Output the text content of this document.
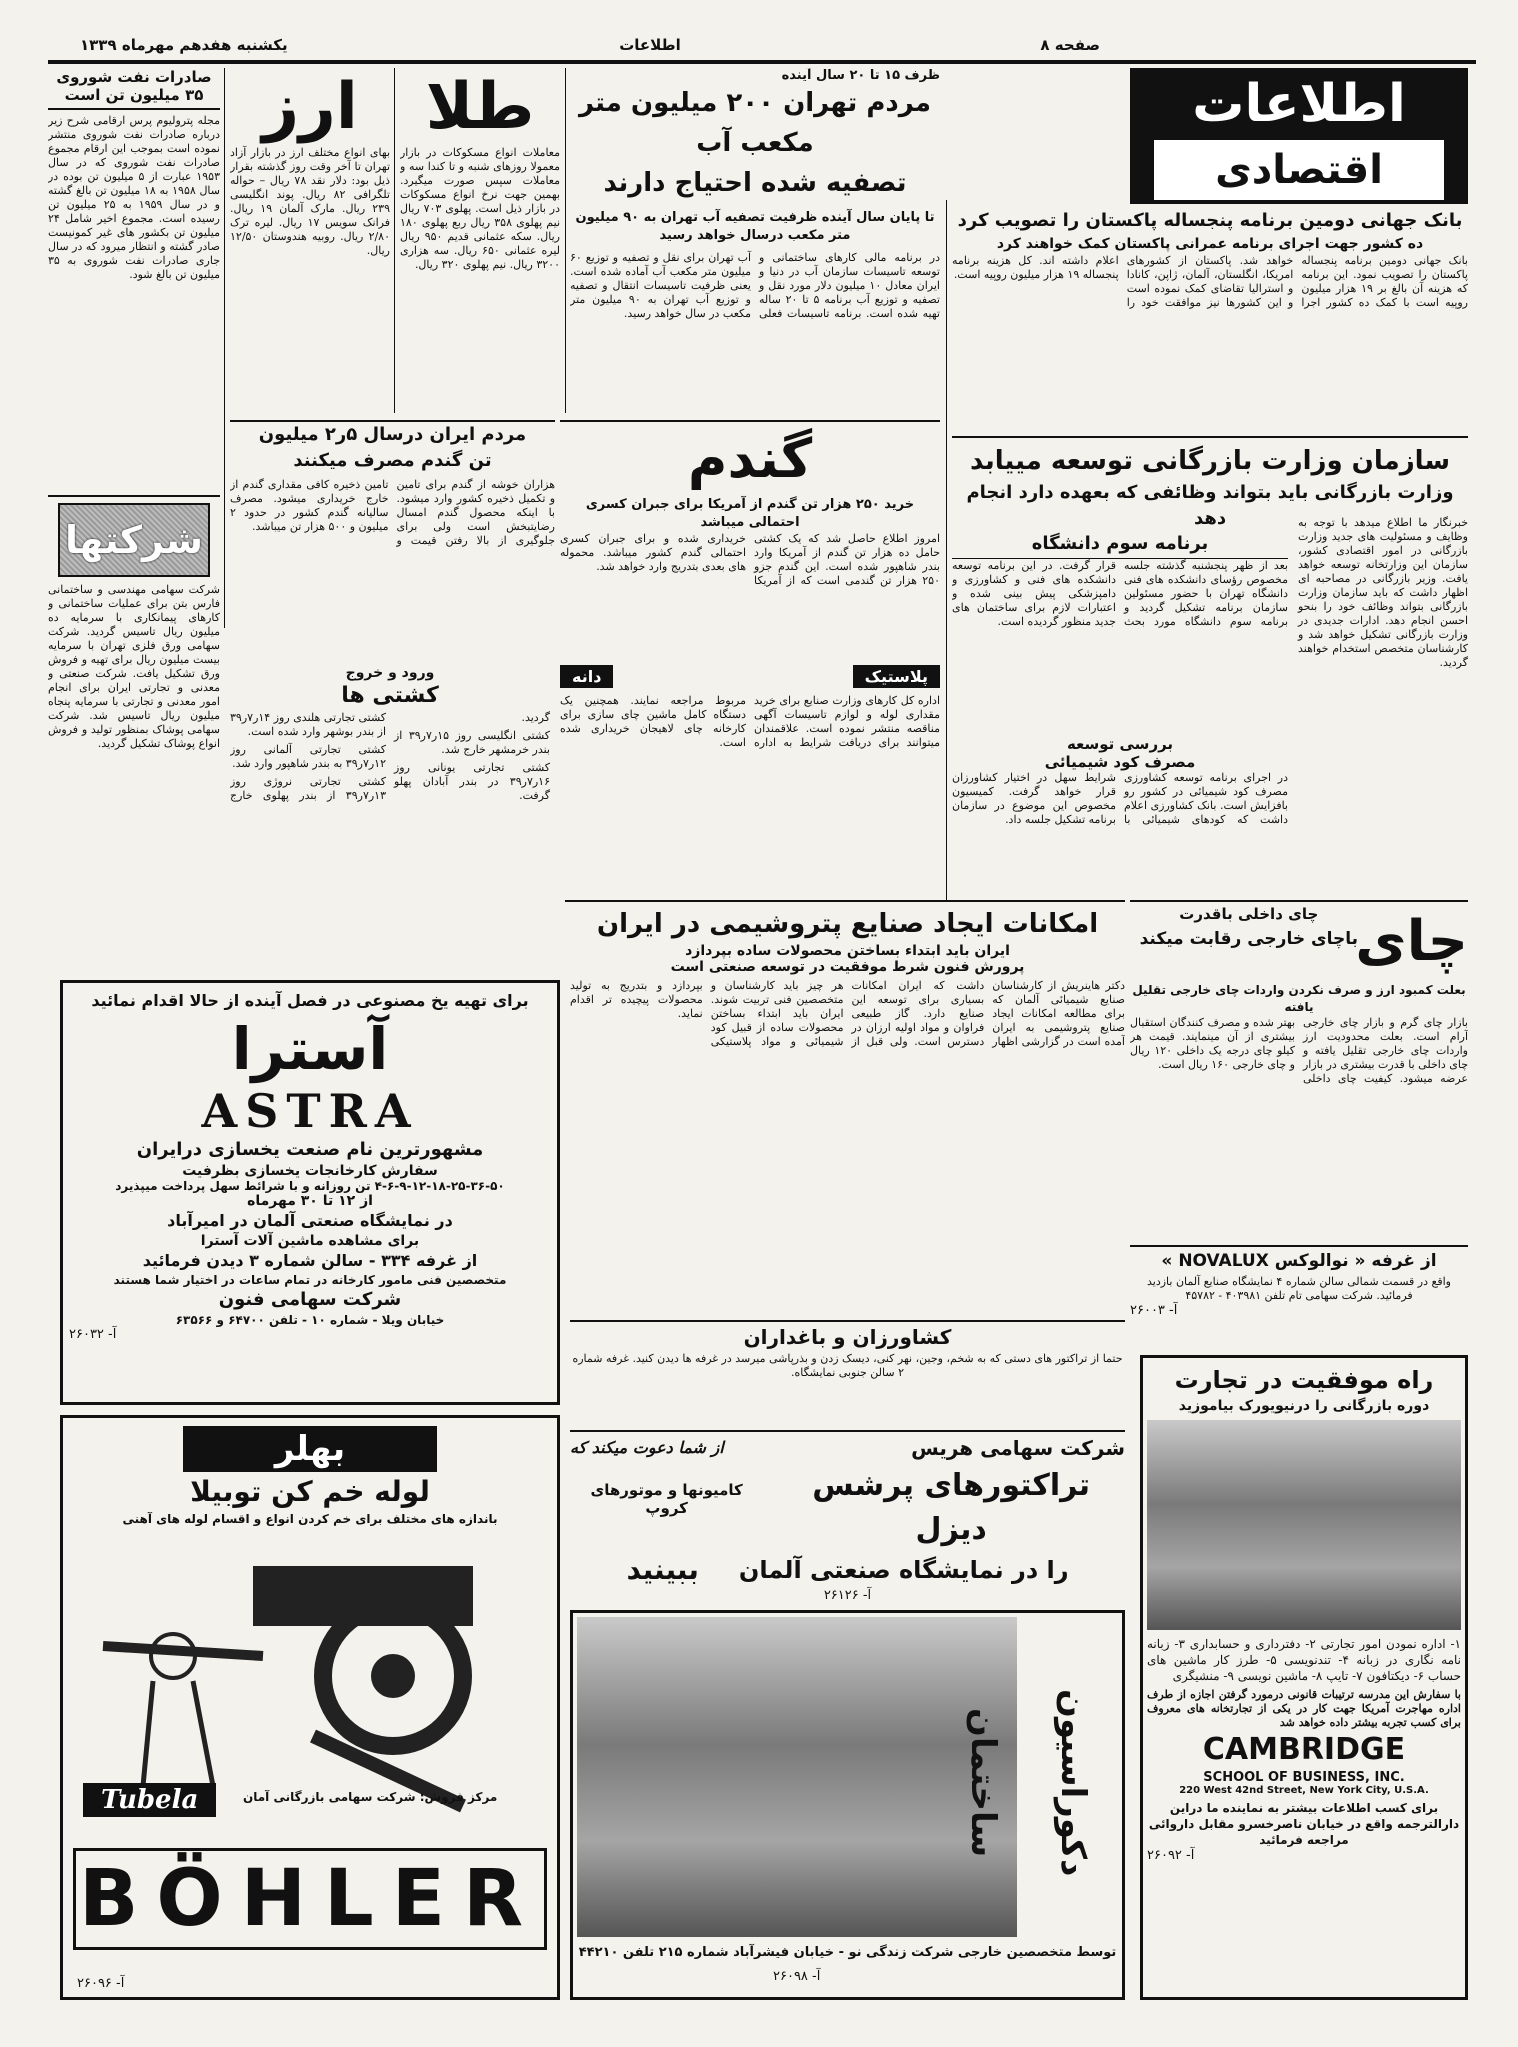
صفحه ۸
اطلاعات
یکشنبه هفدهم مهرماه ۱۳۳۹
اطلاعات
اقتصادی
صادرات نفت شوروی
۳۵ میلیون تن است
مجله پترولیوم پرس ارقامی شرح زیر درباره صادرات نفت شوروی منتشر نموده است بموجب این ارقام مجموع صادرات نفت شوروی که در سال ۱۹۵۳ عبارت از ۵ میلیون تن بوده در سال ۱۹۵۸ به ۱۸ میلیون تن بالغ گشته و در سال ۱۹۵۹ به ۲۵ میلیون تن رسیده است. مجموع اخیر شامل ۲۴ میلیون تن بکشور های غیر کمونیست صادر گشته و انتظار میرود که در سال جاری صادرات نفت شوروی به ۳۵ میلیون تن بالغ شود.
ارز
بهای انواع مختلف ارز در بازار آزاد تهران تا آخر وقت روز گذشته بقرار ذیل بود: دلار نقد ۷۸ ریال – حواله تلگرافی ۸۲ ریال. پوند انگلیسی ۲۳۹ ریال. مارک آلمان ۱۹ ریال. فرانک سویس ۱۷ ریال. لیره ترک ۲/۸۰ ریال. روبیه هندوستان ۱۲/۵۰ ریال.
طلا
معاملات انواع مسکوکات در بازار معمولا روزهای شنبه و تا کندا سه و معاملات سپس صورت میگیرد. بهمین جهت نرخ انواع مسکوکات در بازار ذیل است. پهلوی ۷۰۳ ریال نیم پهلوی ۳۵۸ ریال ربع پهلوی ۱۸۰ ریال. سکه عثمانی قدیم ۹۵۰ ریال لیره عثمانی ۶۵۰ ریال. سه هزاری ۳۲۰۰ ریال. نیم پهلوی ۳۲۰ ریال.
ظرف ۱۵ تا ۲۰ سال آینده
مردم تهران ۲۰۰ میلیون متر مکعب آب
تصفیه شده احتیاج دارند
تا پایان سال آینده ظرفیت تصفیه آب تهران به ۹۰ میلیون متر مکعب درسال خواهد رسید
در برنامه مالی کارهای ساختمانی و توسعه تاسیسات سازمان آب در دنیا و ایران معادل ۱۰ میلیون دلار مورد نقل و تصفیه و توزیع آب برنامه ۵ تا ۲۰ ساله تهیه شده است. برنامه تاسیسات فعلی آب تهران برای نقل و تصفیه و توزیع ۶۰ میلیون متر مکعب آب آماده شده است. یعنی ظرفیت تاسیسات انتقال و تصفیه و توزیع آب تهران به ۹۰ میلیون متر مکعب در سال خواهد رسید.
بانک جهانی دومین برنامه پنجساله پاکستان را تصویب کرد
ده کشور جهت اجرای برنامه عمرانی پاکستان کمک خواهند کرد
بانک جهانی دومین برنامه پنجساله پاکستان را تصویب نمود. این برنامه که هزینه آن بالغ بر ۱۹ هزار میلیون روپیه است با کمک ده کشور اجرا خواهد شد. پاکستان از کشورهای امریکا، انگلستان، آلمان، ژاپن، کانادا و استرالیا تقاضای کمک نموده است و این کشورها نیز موافقت خود را اعلام داشته اند. کل هزینه برنامه پنجساله ۱۹ هزار میلیون روپیه است.
سازمان وزارت بازرگانی توسعه مییابد
وزارت بازرگانی باید بتواند وظائفی که بعهده دارد انجام دهد	خبرنگار ما اطلاع میدهد با توجه به وظایف و مسئولیت های جدید وزارت بازرگانی در امور اقتصادی کشور، سازمان این وزارتخانه توسعه خواهد یافت. وزیر بازرگانی در مصاحبه ای اظهار داشت که باید سازمان وزارت بازرگانی بتواند وظائف خود را بنحو احسن انجام دهد. ادارات جدیدی در وزارت بازرگانی تشکیل خواهد شد و کارشناسان متخصص استخدام خواهند گردید.
برنامه سوم دانشگاه
بعد از ظهر پنجشنبه گذشته جلسه مخصوص رؤسای دانشکده های فنی دانشگاه تهران با حضور مسئولین سازمان برنامه تشکیل گردید و برنامه سوم دانشگاه مورد بحث قرار گرفت. در این برنامه توسعه دانشکده های فنی و کشاورزی و دامپزشکی پیش بینی شده و اعتبارات لازم برای ساختمان های جدید منظور گردیده است.
بررسی توسعه
مصرف کود شیمیائی
در اجرای برنامه توسعه کشاورزی مصرف کود شیمیائی در کشور رو بافزایش است. بانک کشاورزی اعلام داشت که کودهای شیمیائی با شرایط سهل در اختیار کشاورزان قرار خواهد گرفت. کمیسیون مخصوص این موضوع در سازمان برنامه تشکیل جلسه داد.
مردم ایران درسال ۵ر۲ میلیون
تن گندم مصرف میکنند
هزاران خوشه از گندم برای تامین و تکمیل ذخیره کشور وارد میشود. با اینکه محصول گندم امسال رضایتبخش است ولی برای جلوگیری از بالا رفتن قیمت و تامین ذخیره کافی مقداری گندم از خارج خریداری میشود. مصرف سالیانه گندم کشور در حدود ۲ میلیون و ۵۰۰ هزار تن میباشد.
گندم
خرید ۲۵۰ هزار تن گندم از آمریکا برای جبران کسری احتمالی میباشد
امروز اطلاع حاصل شد که یک کشتی حامل ده هزار تن گندم از آمریکا وارد بندر شاهپور شده است. این گندم جزو ۲۵۰ هزار تن گندمی است که از آمریکا خریداری شده و برای جبران کسری احتمالی گندم کشور میباشد. محموله های بعدی بتدریج وارد خواهد شد.
شرکتها
شرکت سهامی مهندسی و ساختمانی فارس بتن برای عملیات ساختمانی و کارهای پیمانکاری با سرمایه ده میلیون ریال تاسیس گردید. شرکت سهامی ورق فلزی تهران با سرمایه بیست میلیون ریال برای تهیه و فروش ورق تشکیل یافت. شرکت صنعتی و معدنی و تجارتی ایران برای انجام امور معدنی و تجارتی با سرمایه پنجاه میلیون ریال تاسیس شد. شرکت سهامی پوشاک بمنظور تولید و فروش انواع پوشاک تشکیل گردید.
ورود و خروج
کشتی ها
کشتی تجارتی هلندی روز ۱۴ر۷ر۳۹ از بندر بوشهر وارد شده است.
کشتی تجارتی آلمانی روز ۱۲ر۷ر۳۹ به بندر شاهپور وارد شد.
کشتی تجارتی نروژی روز ۱۳ر۷ر۳۹ از بندر پهلوی خارج گردید.
کشتی انگلیسی روز ۱۵ر۷ر۳۹ از بندر خرمشهر خارج شد.
کشتی تجارتی یونانی روز ۱۶ر۷ر۳۹ در بندر آبادان پهلو گرفت.
دانه	پلاستیک
اداره کل کارهای وزارت صنایع برای خرید مقداری لوله و لوازم تاسیسات آگهی مناقصه منتشر نموده است. علاقمندان میتوانند برای دریافت شرایط به اداره مربوط مراجعه نمایند. همچنین یک دستگاه کامل ماشین چای سازی برای کارخانه چای لاهیجان خریداری شده است.
امکانات ایجاد صنایع پتروشیمی در ایران
ایران باید ابتداء بساختن محصولات ساده بپردازد
پرورش فنون شرط موفقیت در توسعه صنعتی است
دکتر هاینریش از کارشناسان صنایع شیمیائی آلمان که برای مطالعه امکانات ایجاد صنایع پتروشیمی به ایران آمده است در گزارشی اظهار داشت که ایران امکانات بسیاری برای توسعه این صنایع دارد. گاز طبیعی فراوان و مواد اولیه ارزان در دسترس است. ولی قبل از هر چیز باید کارشناسان و متخصصین فنی تربیت شوند. ایران باید ابتداء بساختن محصولات ساده از قبیل کود شیمیائی و مواد پلاستیکی بپردازد و بتدریج به تولید محصولات پیچیده تر اقدام نماید.
کشاورزان و باغداران
حتما از تراکتور های دستی که به شخم، وجین، نهر کنی، دیسک زدن و بذرپاشی میرسد در غرفه ها دیدن کنید. غرفه شماره ۲ سالن جنوبی نمایشگاه.
چای
چای داخلی باقدرت
باچای خارجی رقابت میکند
بعلت کمبود ارز و صرف نکردن واردات چای خارجی تقلیل یافته
بازار چای گرم و بازار چای خارجی آرام است. بعلت محدودیت ارز واردات چای خارجی تقلیل یافته و چای داخلی با قدرت بیشتری در بازار عرضه میشود. کیفیت چای داخلی بهتر شده و مصرف کنندگان استقبال بیشتری از آن مینمایند. قیمت هر کیلو چای درجه یک داخلی ۱۲۰ ریال و چای خارجی ۱۶۰ ریال است.
از غرفه « نوالوکس NOVALUX »
واقع در قسمت شمالی سالن شماره ۴ نمایشگاه صنایع آلمان بازدید فرمائید. شرکت سهامی تام تلفن ۴۰۳۹۸۱ - ۴۵۷۸۲
آ- ۲۶۰۰۳
برای تهیه یخ مصنوعی در فصل آینده از حالا اقدام نمائید
آسترا
ASTRA
مشهورترین نام صنعت یخسازی درایران
سفارش کارخانجات یخسازی بظرفیت
۴-۶-۹-۱۲-۱۸-۲۵-۳۶-۵۰ تن روزانه و با شرائط سهل پرداخت میپذیرد
از ۱۲ تا ۳۰ مهرماه
در نمایشگاه صنعتی آلمان در امیرآباد
برای مشاهده ماشین آلات آسترا
از غرفه ۳۳۴ - سالن شماره ۳ دیدن فرمائید
متخصصین فنی مامور کارخانه در تمام ساعات در اختیار شما هستند
شرکت سهامی فنون
خیابان ویلا - شماره ۱۰ - تلفن ۶۴۷۰۰ و ۶۳۵۶۶
آ- ۲۶۰۳۲
بهلر
لوله خم کن توبیلا
باندازه های مختلف برای خم کردن انواع و اقسام لوله های آهنی
Tubela	مرکز فروش: شرکت سهامی بازرگانی آمان
BÖHLER
آ- ۲۶۰۹۶
شرکت سهامی هریس
از شما دعوت میکند که
تراکتورهای پرشس دیزل
کامیونها و موتورهای کروپ
را در نمایشگاه صنعتی آلمان
ببینید
آ- ۲۶۱۲۶
دکوراسیون ساختمان
توسط متخصصین خارجی شرکت زندگی نو - خیابان فیشرآباد شماره ۲۱۵ تلفن ۴۴۲۱۰
آ- ۲۶۰۹۸
راه موفقیت در تجارت
دوره بازرگانی را درنیویورک بیاموزید
۱- اداره نمودن امور تجارتی ۲- دفترداری و حسابداری ۳- زبانه نامه نگاری در زبانه ۴- تندنویسی ۵- طرز کار ماشین های حساب ۶- دیکتافون ۷- تایپ ۸- ماشین نویسی ۹- منشیگری
با سفارش این مدرسه ترتیبات قانونی درمورد گرفتن اجازه از طرف اداره مهاجرت آمریکا جهت کار در یکی از تجارتخانه های معروف برای کسب تجربه بیشتر داده خواهد شد
CAMBRIDGE
SCHOOL OF BUSINESS, INC.
220 West 42nd Street, New York City, U.S.A.
برای کسب اطلاعات بیشتر به نماینده ما دراین دارالترجمه واقع در خیابان ناصرخسرو مقابل داروائی مراجعه فرمائید
آ- ۲۶۰۹۲
